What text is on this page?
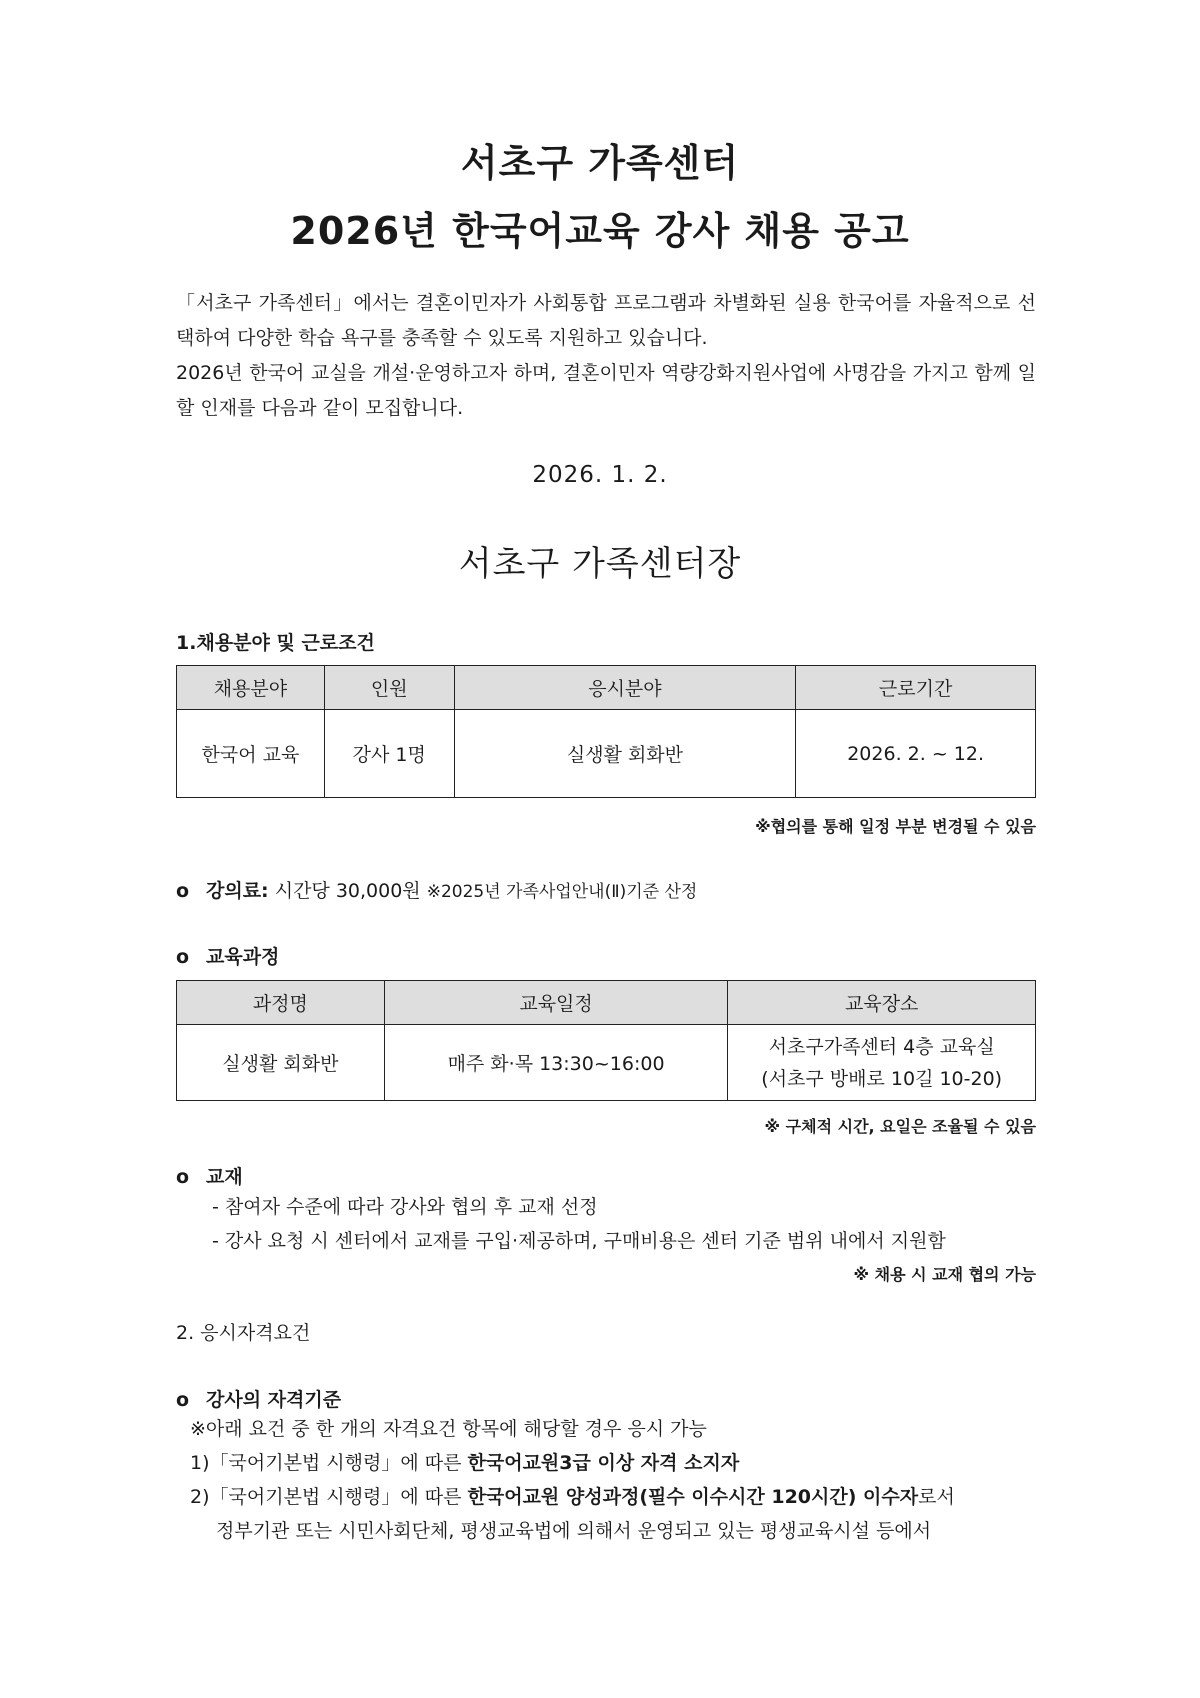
서초구 가족센터
2026년 한국어교육 강사 채용 공고

「서초구 가족센터」에서는 결혼이민자가 사회통합 프로그램과 차별화된 실용 한국어를 자율적으로 선택하여 다양한 학습 욕구를 충족할 수 있도록 지원하고 있습니다.

2026년 한국어 교실을 개설·운영하고자 하며, 결혼이민자 역량강화지원사업에 사명감을 가지고 함께 일할 인재를 다음과 같이 모집합니다.

2026. 1. 2.
서초구 가족센터장
1.채용분야 및 근로조건
채용분야	인원	응시분야	근로기간
한국어 교육	강사 1명	실생활 회화반	2026. 2. ~ 12.
※협의를 통해 일정 부분 변경될 수 있음
o 강의료: 시간당 30,000원 ※2025년 가족사업안내(Ⅱ)기준 산정
o 교육과정
과정명	교육일정	교육장소
실생활 회화반	매주 화·목 13:30~16:00	서초구가족센터 4층 교육실
(서초구 방배로 10길 10-20)
※ 구체적 시간, 요일은 조율될 수 있음
o 교재
- 참여자 수준에 따라 강사와 협의 후 교재 선정
- 강사 요청 시 센터에서 교재를 구입·제공하며, 구매비용은 센터 기준 범위 내에서 지원함
※ 채용 시 교재 협의 가능
2. 응시자격요건
o 강사의 자격기준
※아래 요건 중 한 개의 자격요건 항목에 해당할 경우 응시 가능
1)「국어기본법 시행령」에 따른 한국어교원3급 이상 자격 소지자
2)「국어기본법 시행령」에 따른 한국어교원 양성과정(필수 이수시간 120시간) 이수자로서
정부기관 또는 시민사회단체, 평생교육법에 의해서 운영되고 있는 평생교육시설 등에서
